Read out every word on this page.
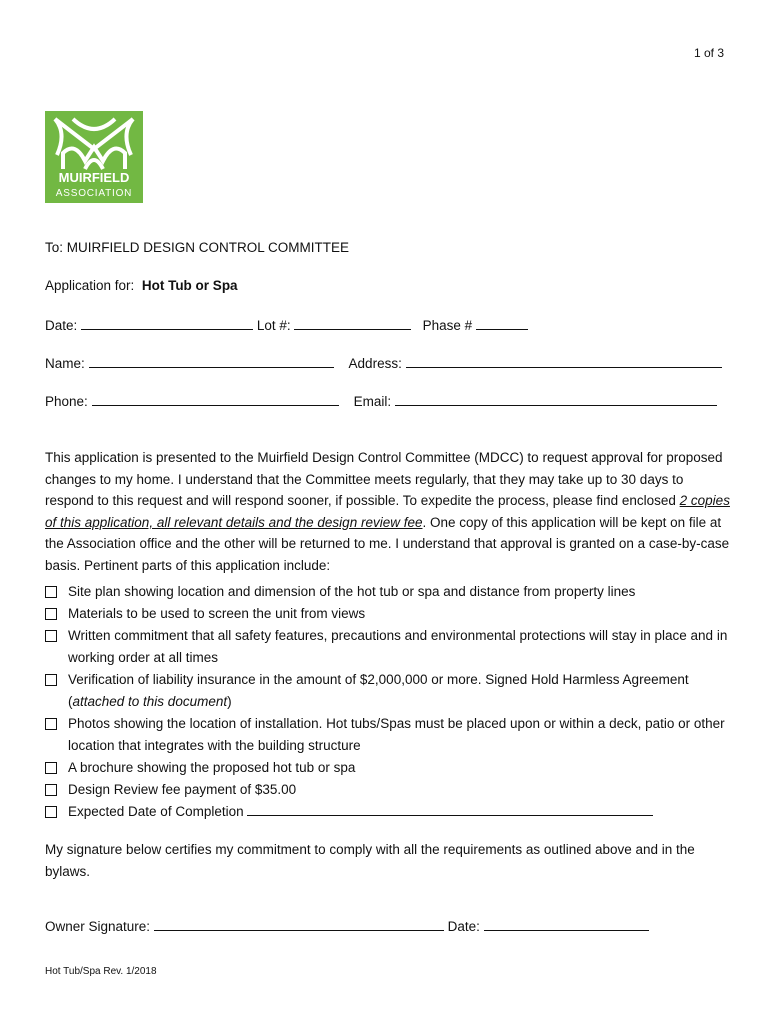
1 of 3
MUIRFIELD
ASSOCIATION
To: MUIRFIELD DESIGN CONTROL COMMITTEE
Application for: Hot Tub or Spa
Date:	Lot #:	Phase #
Name:	Address:
Phone:	Email:
This application is presented to the Muirfield Design Control Committee (MDCC) to request approval for proposed changes to my home. I understand that the Committee meets regularly, that they may take up to 30 days to respond to this request and will respond sooner, if possible. To expedite the process, please find enclosed 2 copies of this application, all relevant details and the design review fee. One copy of this application will be kept on file at the Association office and the other will be returned to me. I understand that approval is granted on a case-by-case basis. Pertinent parts of this application include:
Site plan showing location and dimension of the hot tub or spa and distance from property lines
Materials to be used to screen the unit from views
Written commitment that all safety features, precautions and environmental protections will stay in place and in working order at all times
Verification of liability insurance in the amount of $2,000,000 or more. Signed Hold Harmless Agreement (attached to this document)
Photos showing the location of installation. Hot tubs/Spas must be placed upon or within a deck, patio or other location that integrates with the building structure
A brochure showing the proposed hot tub or spa
Design Review fee payment of $35.00
Expected Date of Completion
My signature below certifies my commitment to comply with all the requirements as outlined above and in the bylaws.
Owner Signature:	Date:
Hot Tub/Spa Rev. 1/2018
